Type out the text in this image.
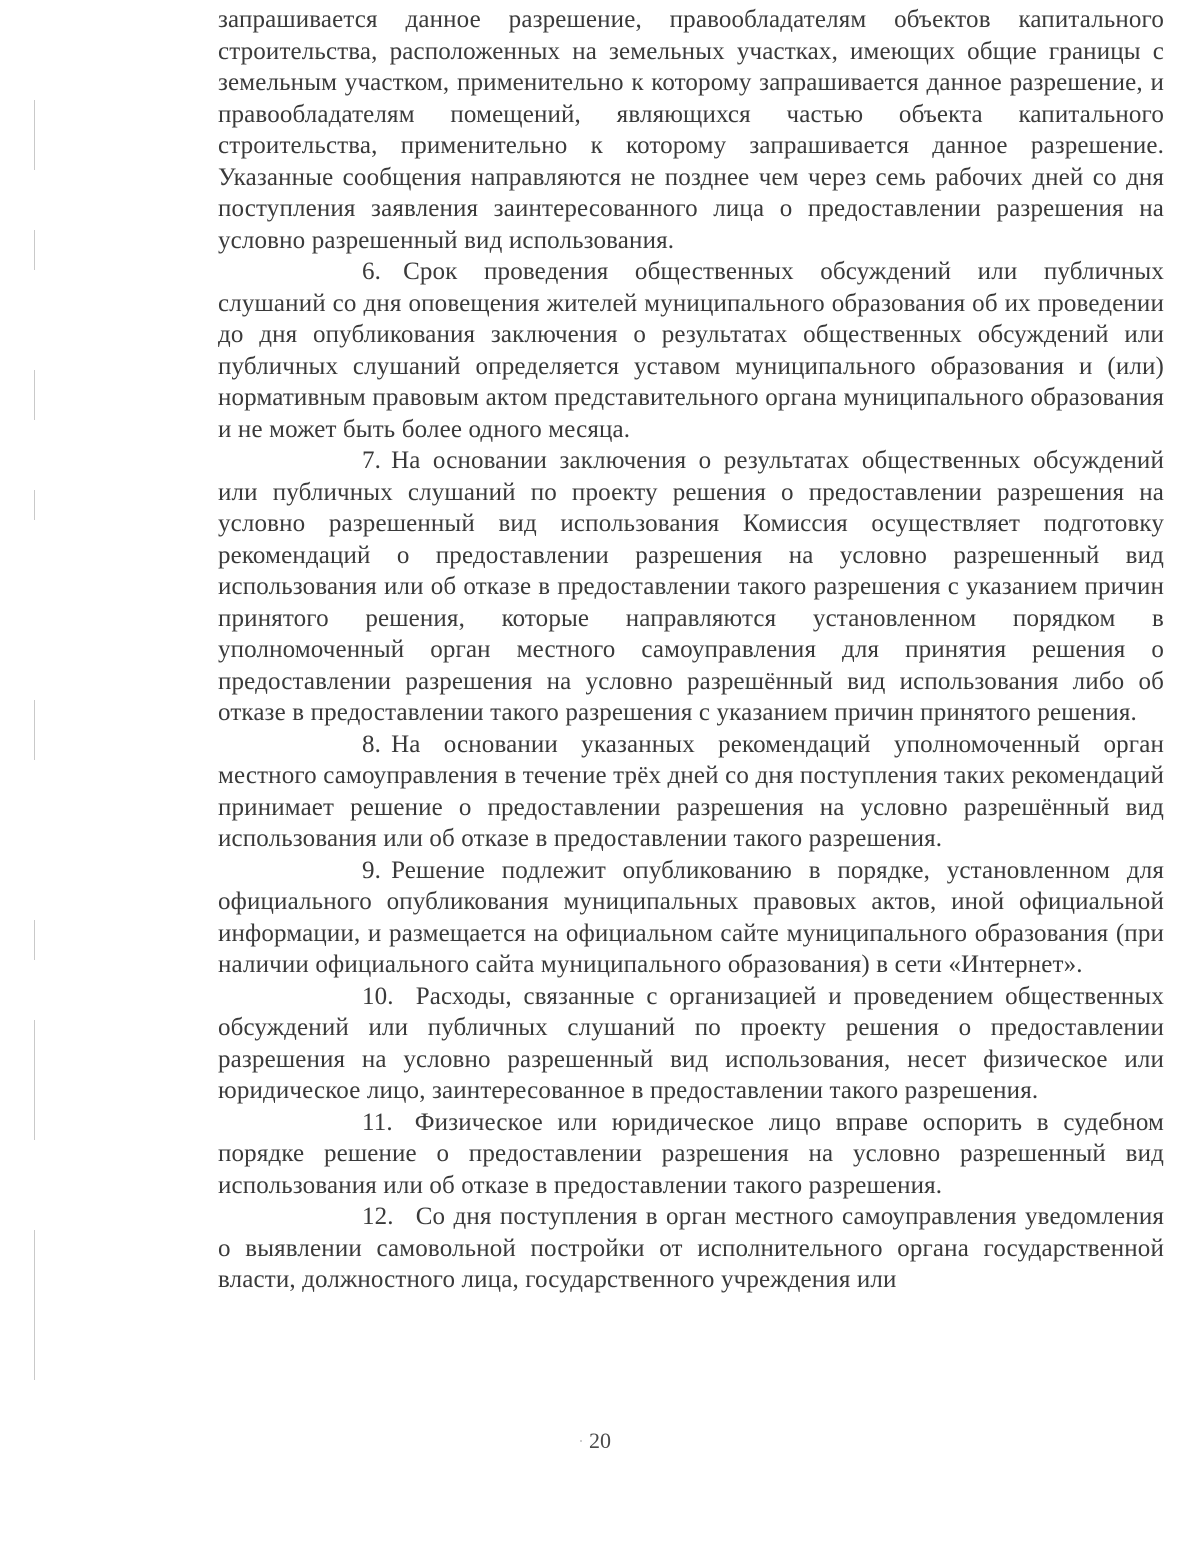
запрашивается данное разрешение, правообладателям объектов капитального строительства, расположенных на земельных участках, имеющих общие границы с земельным участком, применительно к которому запрашивается данное разрешение, и правообладателям помещений, являющихся частью объекта капитального строительства, применительно к которому запрашивается данное разрешение. Указанные сообщения направляются не позднее чем через семь рабочих дней со дня поступления заявления заинтересованного лица о предоставлении разрешения на условно разрешенный вид использования.

6. Срок проведения общественных обсуждений или публичных слушаний со дня оповещения жителей муниципального образования об их проведении до дня опубликования заключения о результатах общественных обсуждений или публичных слушаний определяется уставом муниципального образования и (или) нормативным правовым актом представительного органа муниципального образования и не может быть более одного месяца.

7. На основании заключения о результатах общественных обсуждений или публичных слушаний по проекту решения о предоставлении разрешения на условно разрешенный вид использования Комиссия осуществляет подготовку рекомендаций о предоставлении разрешения на условно разрешенный вид использования или об отказе в предоставлении такого разрешения с указанием причин принятого решения, которые направляются установленном порядком в уполномоченный орган местного самоуправления для принятия решения о предоставлении разрешения на условно разрешённый вид использования либо об отказе в предоставлении такого разрешения с указанием причин принятого решения.

8. На основании указанных рекомендаций уполномоченный орган местного самоуправления в течение трёх дней со дня поступления таких рекомендаций принимает решение о предоставлении разрешения на условно разрешённый вид использования или об отказе в предоставлении такого разрешения.

9. Решение подлежит опубликованию в порядке, установленном для официального опубликования муниципальных правовых актов, иной официальной информации, и размещается на официальном сайте муниципального образования (при наличии официального сайта муниципального образования) в сети «Интернет».

10. Расходы, связанные с организацией и проведением общественных обсуждений или публичных слушаний по проекту решения о предоставлении разрешения на условно разрешенный вид использования, несет физическое или юридическое лицо, заинтересованное в предоставлении такого разрешения.

11. Физическое или юридическое лицо вправе оспорить в судебном порядке решение о предоставлении разрешения на условно разрешенный вид использования или об отказе в предоставлении такого разрешения.

12. Со дня поступления в орган местного самоуправления уведомления о выявлении самовольной постройки от исполнительного органа государственной власти, должностного лица, государственного учреждения или

20
